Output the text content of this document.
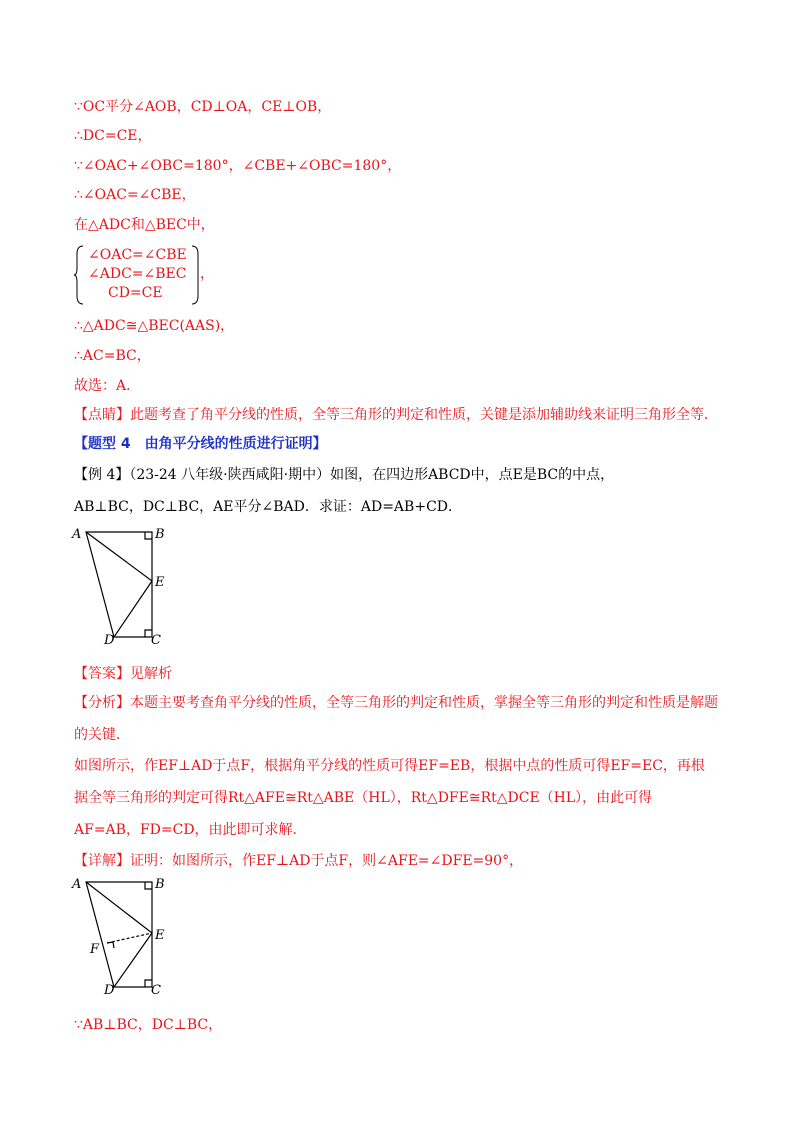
∵OC平分∠AOB，CD⊥OA，CE⊥OB，
∴DC=CE，
∵∠OAC+∠OBC=180°，∠CBE+∠OBC=180°，
∴∠OAC=∠CBE，
在△ADC和△BEC中，
∠OAC=∠CBE
∠ADC=∠BEC
CD=CE
，
∴△ADC≅△BEC(AAS)，
∴AC=BC，
故选：A．
【点睛】此题考查了角平分线的性质，全等三角形的判定和性质，关键是添加辅助线来证明三角形全等．
【题型 4　由角平分线的性质进行证明】
【例 4】（23-24 八年级·陕西咸阳·期中）如图，在四边形ABCD中，点E是BC的中点，
AB⊥BC，DC⊥BC，AE平分∠BAD．求证：AD=AB+CD．
A	B
E
D	C
【答案】见解析
【分析】本题主要考查角平分线的性质，全等三角形的判定和性质，掌握全等三角形的判定和性质是解题
的关键．
如图所示，作EF⊥AD于点F，根据角平分线的性质可得EF=EB，根据中点的性质可得EF=EC，再根
据全等三角形的判定可得Rt△AFE≅Rt△ABE（HL），Rt△DFE≅Rt△DCE（HL），由此可得
AF=AB，FD=CD，由此即可求解．
【详解】证明：如图所示，作EF⊥AD于点F，则∠AFE=∠DFE=90°，
A	B
E
F
D	C
∵AB⊥BC，DC⊥BC，
